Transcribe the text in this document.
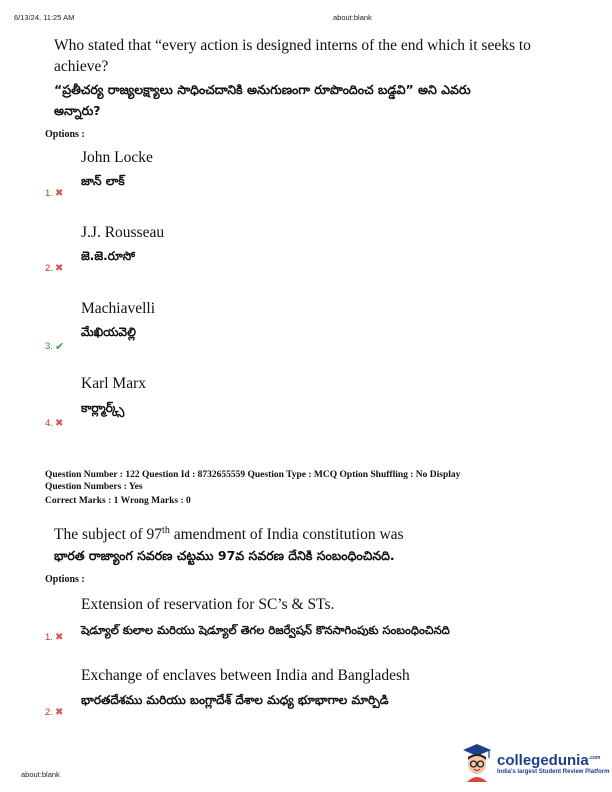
6/13/24, 11:25 AM	about:blank
Who stated that “every action is designed interns of the end which it seeks to achieve?
“ప్రతీచర్య రాజ్యలక్ష్యాలు సాధించదానికి అనుగుణంగా రూపొందించ బడ్డవి” అని ఎవరు
అన్నారు?
Options :
John Locke
జాన్ లాక్
1. ✖
J.J. Rousseau
జె.జె.రూసో
2. ✖
Machiavelli
మేఖియవెల్లి
3. ✔
Karl Marx
కార్ల్మార్క్స్
4. ✖
Question Number : 122 Question Id : 8732655559 Question Type : MCQ Option Shuffling : No Display
Question Numbers : Yes
Correct Marks : 1 Wrong Marks : 0
The subject of 97th amendment of India constitution was
భారత రాజ్యాంగ సవరణ చట్టము 97వ సవరణ దేనికి సంబంధించినది.
Options :
Extension of reservation for SC’s & STs.
షెడ్యూల్ కులాల మరియు షెడ్యూల్ తెగల రిజర్వేషన్ కొనసాగింపుకు సంబంధించినది
1. ✖
Exchange of enclaves between India and Bangladesh
భారతదేశము మరియు బంగ్లాదేశ్ దేశాల మధ్య భూభాగాల మార్పిడి
2. ✖
about:blank
collegedunia$^{.com}$
India's largest Student Review Platform
